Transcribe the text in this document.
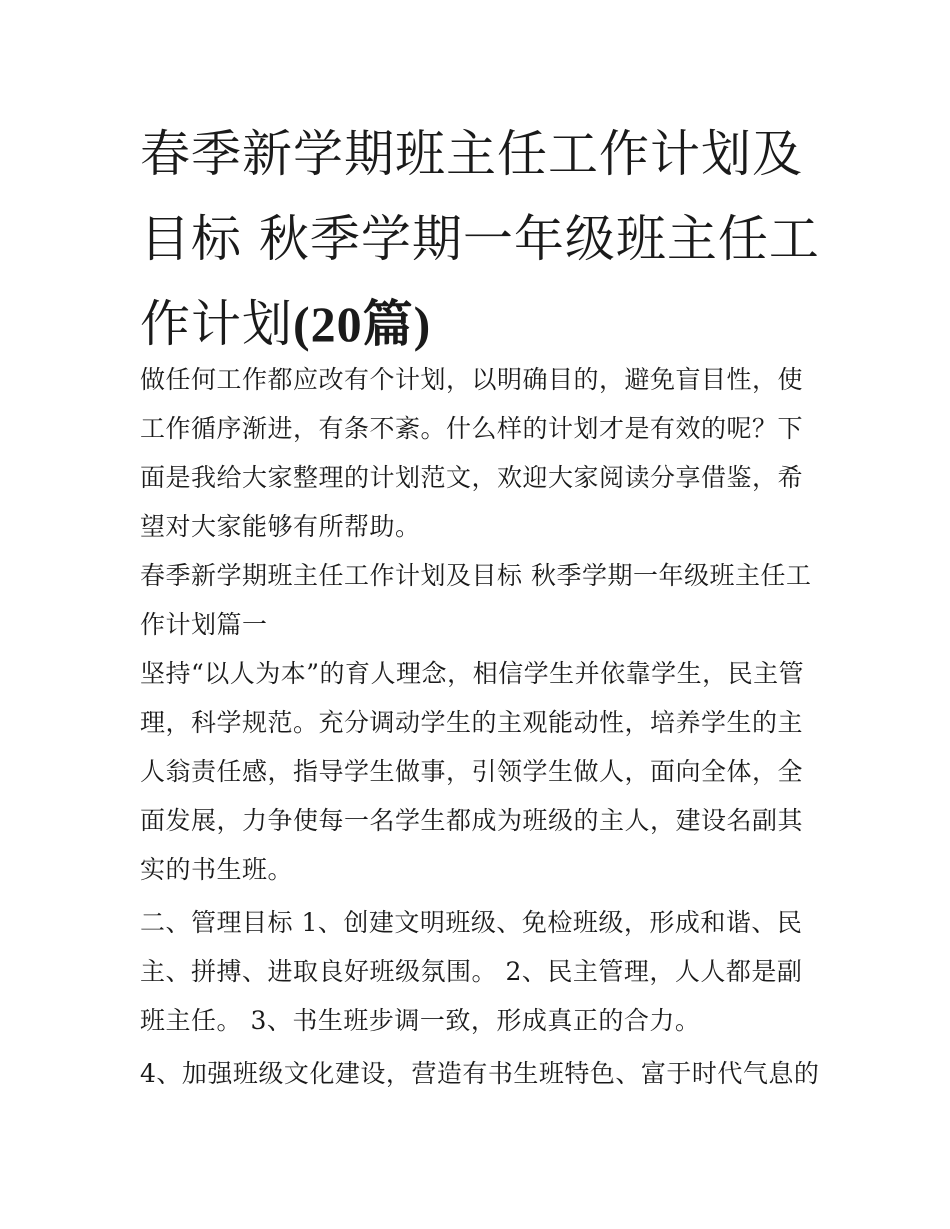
春季新学期班主任工作计划及目标 秋季学期一年级班主任工作计划(20篇)

做任何工作都应改有个计划，以明确目的，避免盲目性，使工作循序渐进，有条不紊。什么样的计划才是有效的呢？下面是我给大家整理的计划范文，欢迎大家阅读分享借鉴，希望对大家能够有所帮助。

春季新学期班主任工作计划及目标 秋季学期一年级班主任工作计划篇一

坚持“以人为本”的育人理念，相信学生并依靠学生，民主管理，科学规范。充分调动学生的主观能动性，培养学生的主人翁责任感，指导学生做事，引领学生做人，面向全体，全面发展，力争使每一名学生都成为班级的主人，建设名副其实的书生班。

二、管理目标 1、创建文明班级、免检班级，形成和谐、民主、拼搏、进取良好班级氛围。 2、民主管理，人人都是副班主任。 3、书生班步调一致，形成真正的合力。

4、加强班级文化建设，营造有书生班特色、富于时代气息的
